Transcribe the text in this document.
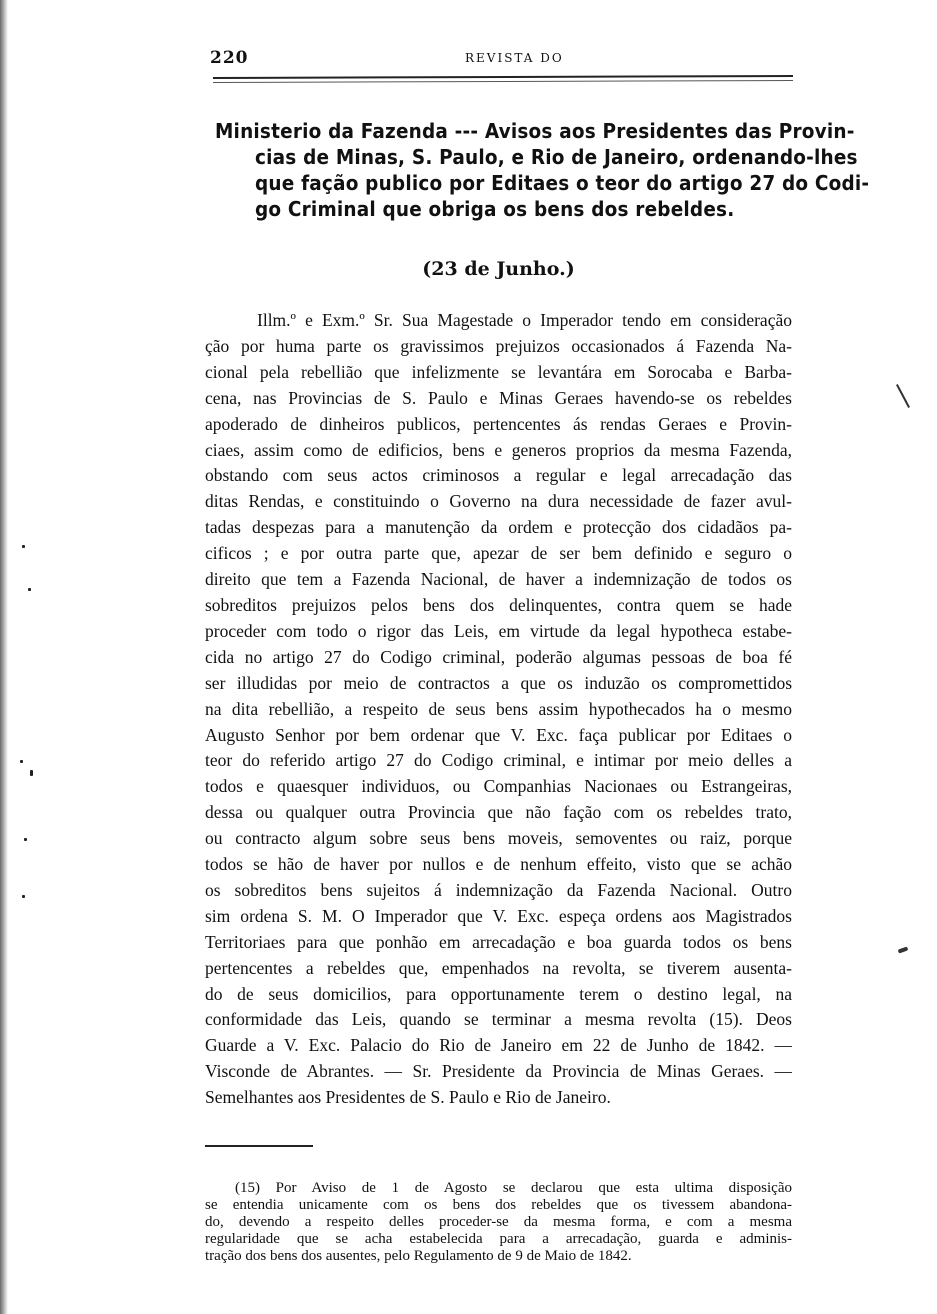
220	REVISTA DO
Ministerio da Fazenda --- Avisos aos Presidentes das Provin-
cias de Minas, S. Paulo, e Rio de Janeiro, ordenando-lhes
que fação publico por Editaes o teor do artigo 27 do Codi-
go Criminal que obriga os bens dos rebeldes.
(23 de Junho.)
Illm.º e Exm.º Sr. Sua Magestade o Imperador tendo em consideração
ção por huma parte os gravissimos prejuizos occasionados á Fazenda Na-
cional pela rebellião que infelizmente se levantára em Sorocaba e Barba-
cena, nas Provincias de S. Paulo e Minas Geraes havendo-se os rebeldes
apoderado de dinheiros publicos, pertencentes ás rendas Geraes e Provin-
ciaes, assim como de edificios, bens e generos proprios da mesma Fazenda,
obstando com seus actos criminosos a regular e legal arrecadação das
ditas Rendas, e constituindo o Governo na dura necessidade de fazer avul-
tadas despezas para a manutenção da ordem e protecção dos cidadãos pa-
cificos ; e por outra parte que, apezar de ser bem definido e seguro o
direito que tem a Fazenda Nacional, de haver a indemnização de todos os
sobreditos prejuizos pelos bens dos delinquentes, contra quem se hade
proceder com todo o rigor das Leis, em virtude da legal hypotheca estabe-
cida no artigo 27 do Codigo criminal, poderão algumas pessoas de boa fé
ser illudidas por meio de contractos a que os induzão os compromettidos
na dita rebellião, a respeito de seus bens assim hypothecados ha o mesmo
Augusto Senhor por bem ordenar que V. Exc. faça publicar por Editaes o
teor do referido artigo 27 do Codigo criminal, e intimar por meio delles a
todos e quaesquer individuos, ou Companhias Nacionaes ou Estrangeiras,
dessa ou qualquer outra Provincia que não fação com os rebeldes trato,
ou contracto algum sobre seus bens moveis, semoventes ou raiz, porque
todos se hão de haver por nullos e de nenhum effeito, visto que se achão
os sobreditos bens sujeitos á indemnização da Fazenda Nacional. Outro
sim ordena S. M. O Imperador que V. Exc. espeça ordens aos Magistrados
Territoriaes para que ponhão em arrecadação e boa guarda todos os bens
pertencentes a rebeldes que, empenhados na revolta, se tiverem ausenta-
do de seus domicilios, para opportunamente terem o destino legal, na
conformidade das Leis, quando se terminar a mesma revolta (15). Deos
Guarde a V. Exc. Palacio do Rio de Janeiro em 22 de Junho de 1842. —
Visconde de Abrantes. — Sr. Presidente da Provincia de Minas Geraes. —
Semelhantes aos Presidentes de S. Paulo e Rio de Janeiro.
(15) Por Aviso de 1 de Agosto se declarou que esta ultima disposição
se entendia unicamente com os bens dos rebeldes que os tivessem abandona-
do, devendo a respeito delles proceder-se da mesma forma, e com a mesma
regularidade que se acha estabelecida para a arrecadação, guarda e adminis-
tração dos bens dos ausentes, pelo Regulamento de 9 de Maio de 1842.
